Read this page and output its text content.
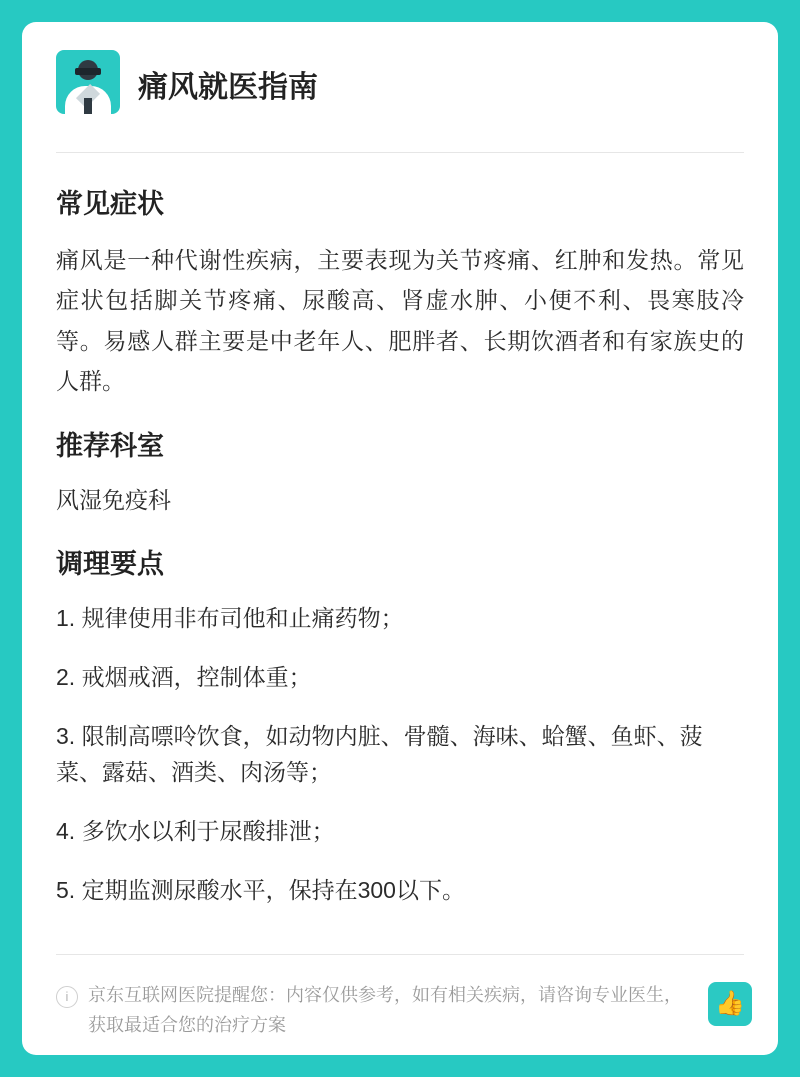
痛风就医指南
常见症状

痛风是一种代谢性疾病，主要表现为关节疼痛、红肿和发热。常见症状包括脚关节疼痛、尿酸高、肾虚水肿、小便不利、畏寒肢冷等。易感人群主要是中老年人、肥胖者、长期饮酒者和有家族史的人群。

推荐科室

风湿免疫科

调理要点
1. 规律使用非布司他和止痛药物；
2. 戒烟戒酒，控制体重；
3. 限制高嘌呤饮食，如动物内脏、骨髓、海味、蛤蟹、鱼虾、菠菜、露菇、酒类、肉汤等；
4. 多饮水以利于尿酸排泄；
5. 定期监测尿酸水平，保持在300以下。
i	京东互联网医院提醒您：内容仅供参考，如有相关疾病，请咨询专业医生，获取最适合您的治疗方案
👍
